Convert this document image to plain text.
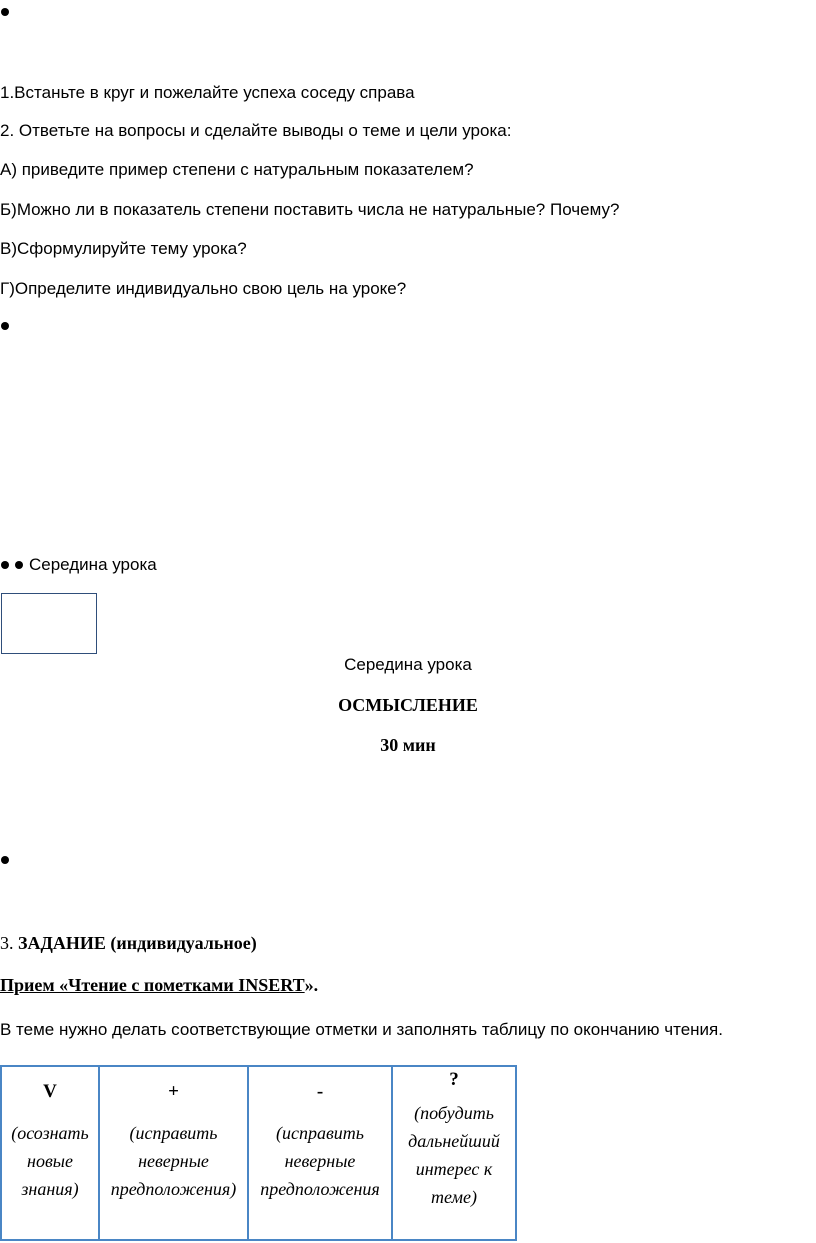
1.Встаньте в круг и пожелайте успеха соседу справа
2. Ответьте на вопросы и сделайте выводы о теме и цели урока:
А) приведите пример степени с натуральным показателем?
Б)Можно ли в показатель степени поставить числа не натуральные? Почему?
В)Сформулируйте тему урока?
Г)Определите индивидуально свою цель на уроке?
Середина урока
Середина урока
ОСМЫСЛЕНИЕ
30 мин
3. ЗАДАНИЕ (индивидуальное)
Прием «Чтение с пометками INSERT».
В теме нужно делать соответствующие отметки и заполнять таблицу по окончанию чтения.
V
(осознать
новые
знания)

+
(исправить
неверные
предположения)

-
(исправить
неверные
предположения

?
(побудить
дальнейший
интерес к
теме)
